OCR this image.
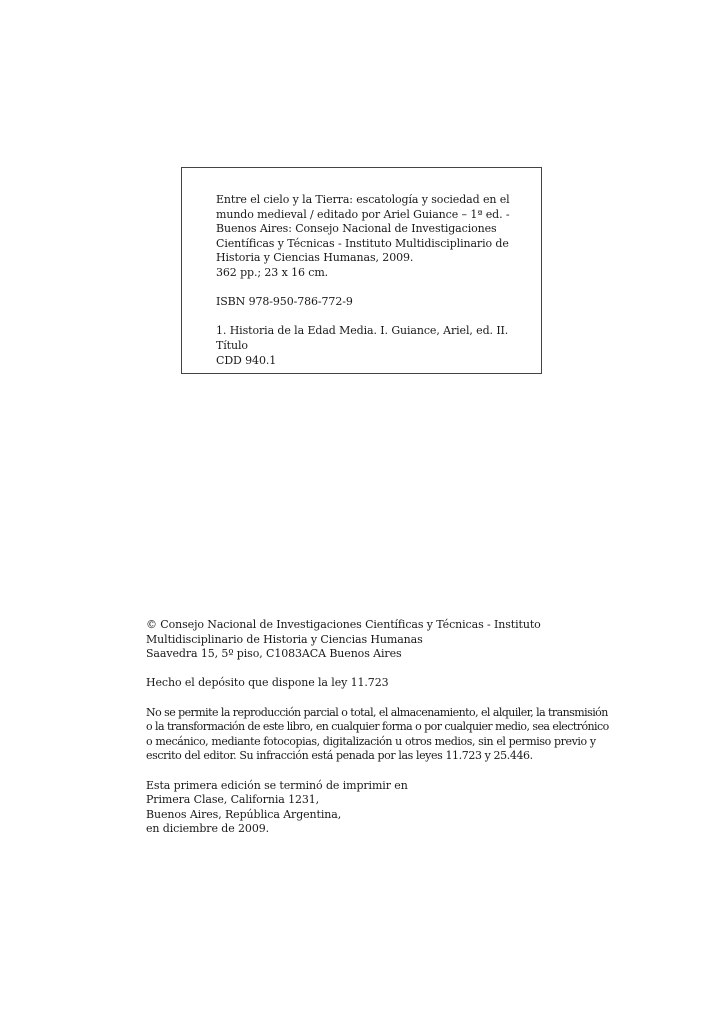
Entre el cielo y la Tierra: escatología y sociedad en el
mundo medieval / editado por Ariel Guiance – 1ª ed. -
Buenos Aires: Consejo Nacional de Investigaciones
Científicas y Técnicas - Instituto Multidisciplinario de
Historia y Ciencias Humanas, 2009.
362 pp.; 23 x 16 cm.
ISBN 978-950-786-772-9
1. Historia de la Edad Media. I. Guiance, Ariel, ed. II.
Título
CDD 940.1
© Consejo Nacional de Investigaciones Científicas y Técnicas - Instituto
Multidisciplinario de Historia y Ciencias Humanas
Saavedra 15, 5º piso, C1083ACA Buenos Aires
Hecho el depósito que dispone la ley 11.723
No se permite la reproducción parcial o total, el almacenamiento, el alquiler, la transmisión
o la transformación de este libro, en cualquier forma o por cualquier medio, sea electrónico
o mecánico, mediante fotocopias, digitalización u otros medios, sin el permiso previo y
escrito del editor. Su infracción está penada por las leyes 11.723 y 25.446.
Esta primera edición se terminó de imprimir en
Primera Clase, California 1231,
Buenos Aires, República Argentina,
en diciembre de 2009.
